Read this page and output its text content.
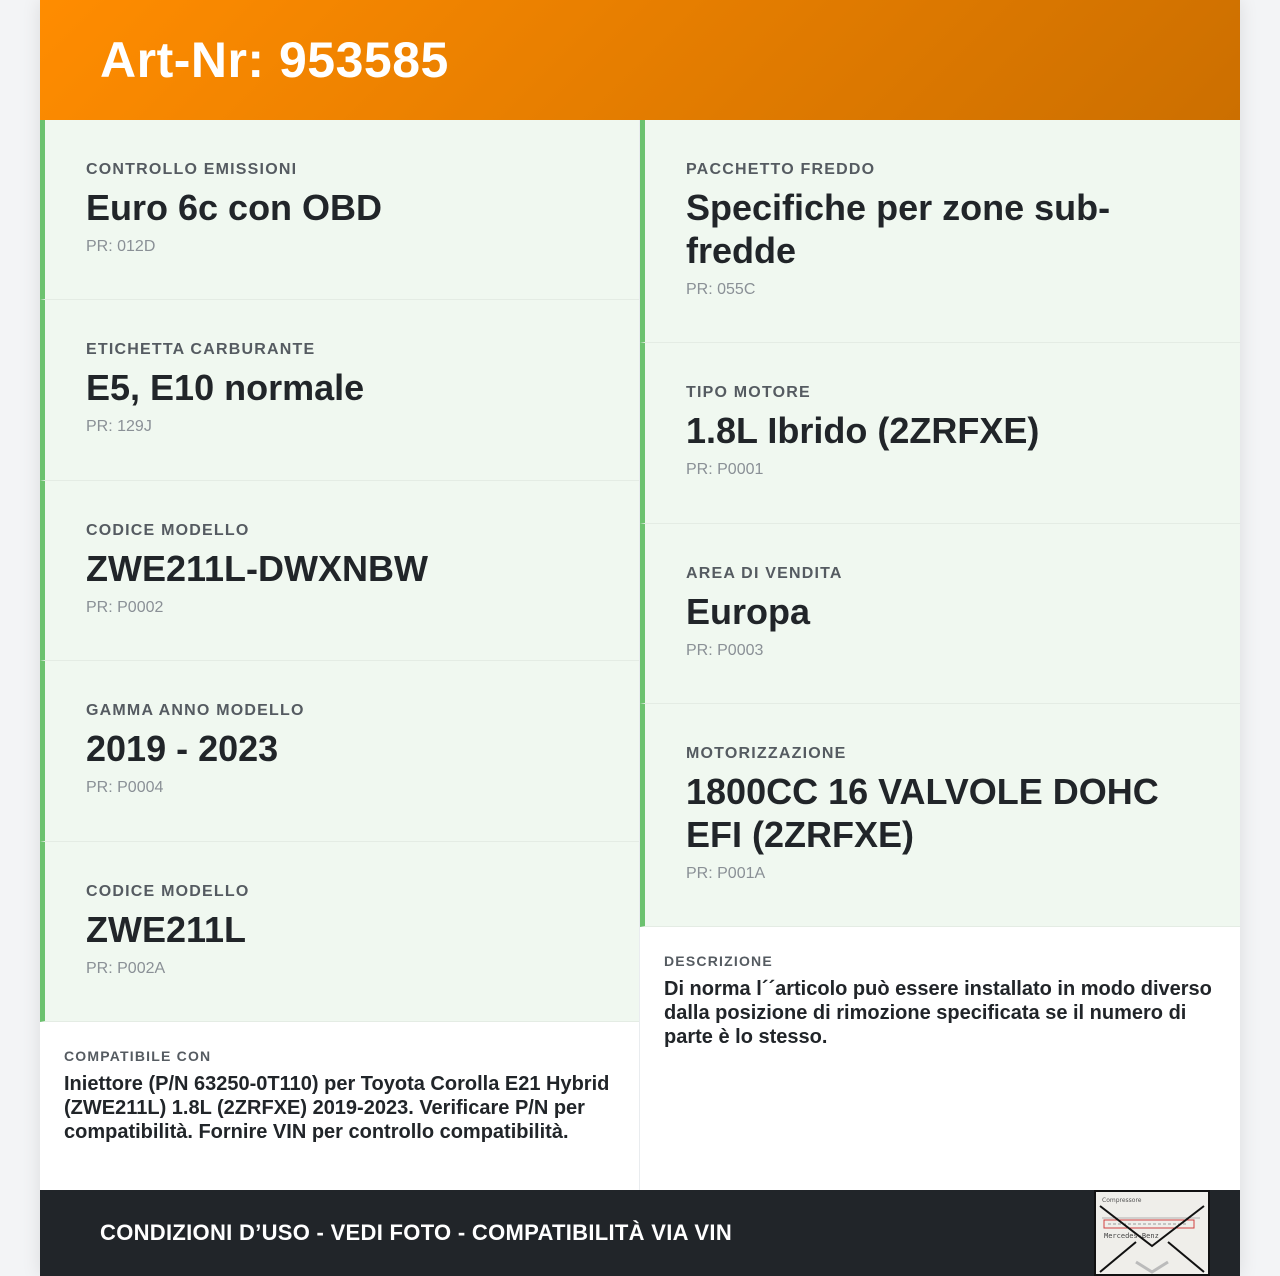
Art-Nr: 953585
CONTROLLO EMISSIONI
Euro 6c con OBD
PR: 012D
ETICHETTA CARBURANTE
E5, E10 normale
PR: 129J
CODICE MODELLO
ZWE211L-DWXNBW
PR: P0002
GAMMA ANNO MODELLO
2019 - 2023
PR: P0004
CODICE MODELLO
ZWE211L
PR: P002A
COMPATIBILE CON
Iniettore (P/N 63250-0T110) per Toyota Corolla E21 Hybrid (ZWE211L) 1.8L (2ZRFXE) 2019-2023. Verificare P/N per compatibilità. Fornire VIN per controllo compatibilità.
PACCHETTO FREDDO
Specifiche per zone sub-fredde
PR: 055C
TIPO MOTORE
1.8L Ibrido (2ZRFXE)
PR: P0001
AREA DI VENDITA
Europa
PR: P0003
MOTORIZZAZIONE
1800CC 16 VALVOLE DOHC EFI (2ZRFXE)
PR: P001A
DESCRIZIONE
Di norma l´´articolo può essere installato in modo diverso dalla posizione di rimozione specificata se il numero di parte è lo stesso.
CONDIZIONI D’USO - VEDI FOTO - COMPATIBILITÀ VIA VIN
Compressore
Mercedes-Benz
